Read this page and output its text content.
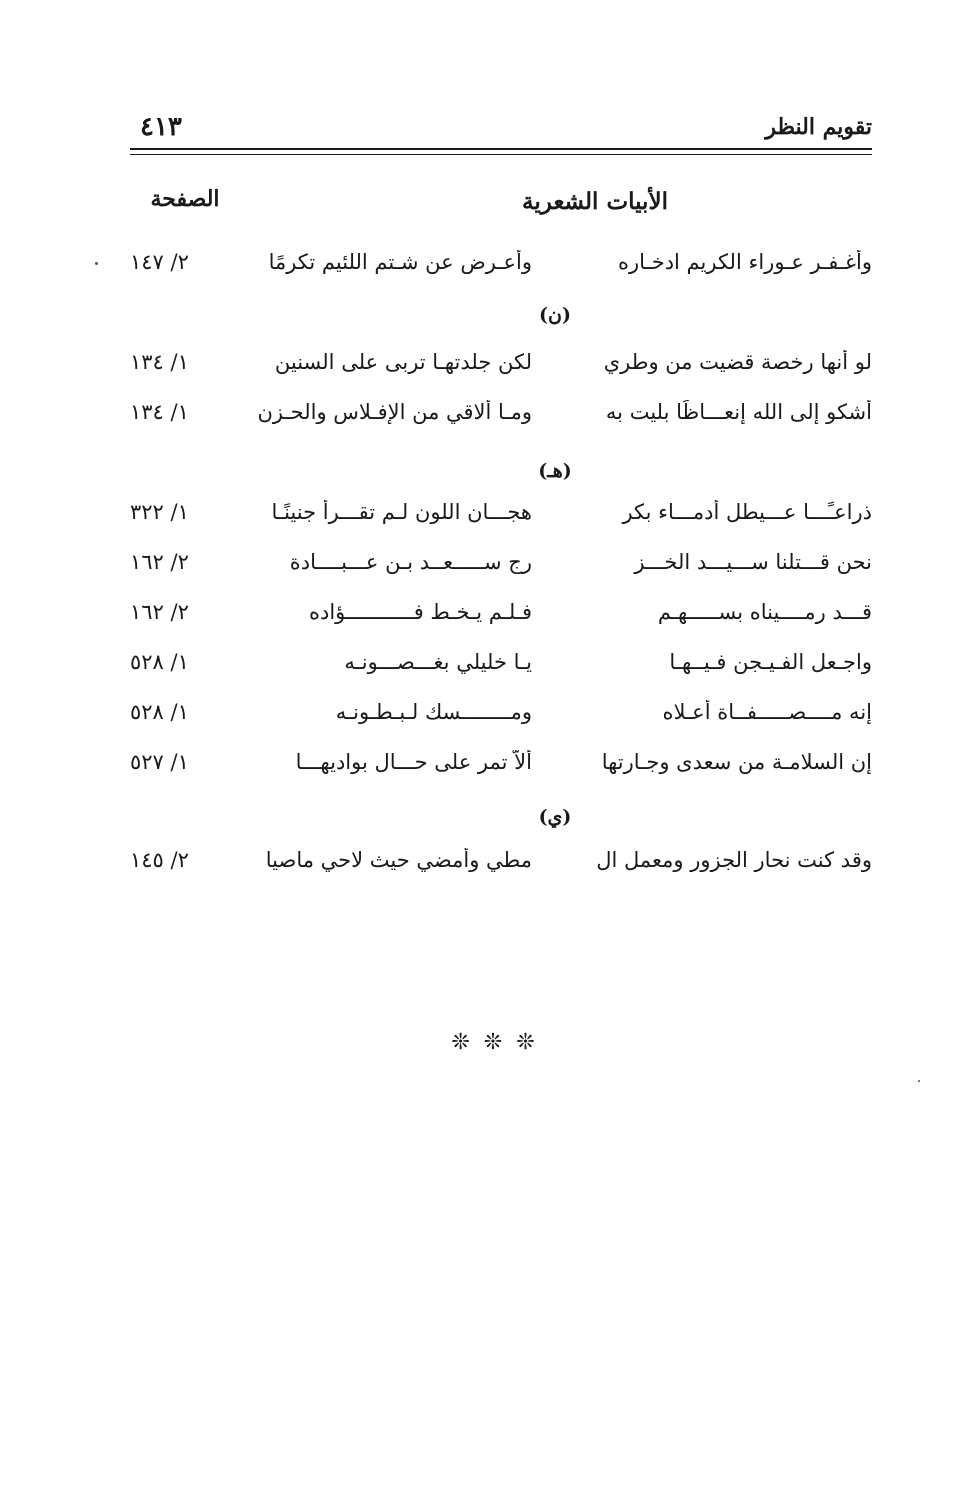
تقويم النظر
٤١٣
الأبيات الشعرية
الصفحة
وأغـفـر عـوراء الكريم ادخـاره
وأعـرض عن شـتم اللئيم تكرمًا
٢/ ١٤٧
(ن)
لو أنها رخصة قضيت من وطري
لكن جلدتهـا تربى على السنين
١/ ١٣٤
أشكو إلى الله إنعـــاظًا بليت به
ومـا ألاقي من الإفـلاس والحـزن
١/ ١٣٤
(هـ)
ذراعـًـــا عـــيطل أدمـــاء بكر
هجـــان اللون لـم تقـــرأ جنينًـا
١/ ٣٢٢
نحن قـــتلنا ســـيـــد الخـــز
رج ســـــعــد بـن عـــبــــادة
٢/ ١٦٢
قـــد رمــــيناه بســـــهـم
فـلـم يـخـط فـــــــــــؤاده
٢/ ١٦٢
واجـعل الفـيـجن فـيــهـا
يـا خليلي بغـــصـــونـه
١/ ٥٢٨
إنه مــــصـــــفــاة أعـلاه
ومــــــــسك لـبـطـونـه
١/ ٥٢٨
إن السلامـة من سعدى وجـارتها
ألاَّ تمر على حـــال بواديهـــا
١/ ٥٢٧
(ي)
وقد كنت نحار الجزور ومعمل ال
مطي وأمضي حيث لاحي ماصيا
٢/ ١٤٥
❊❊❊
